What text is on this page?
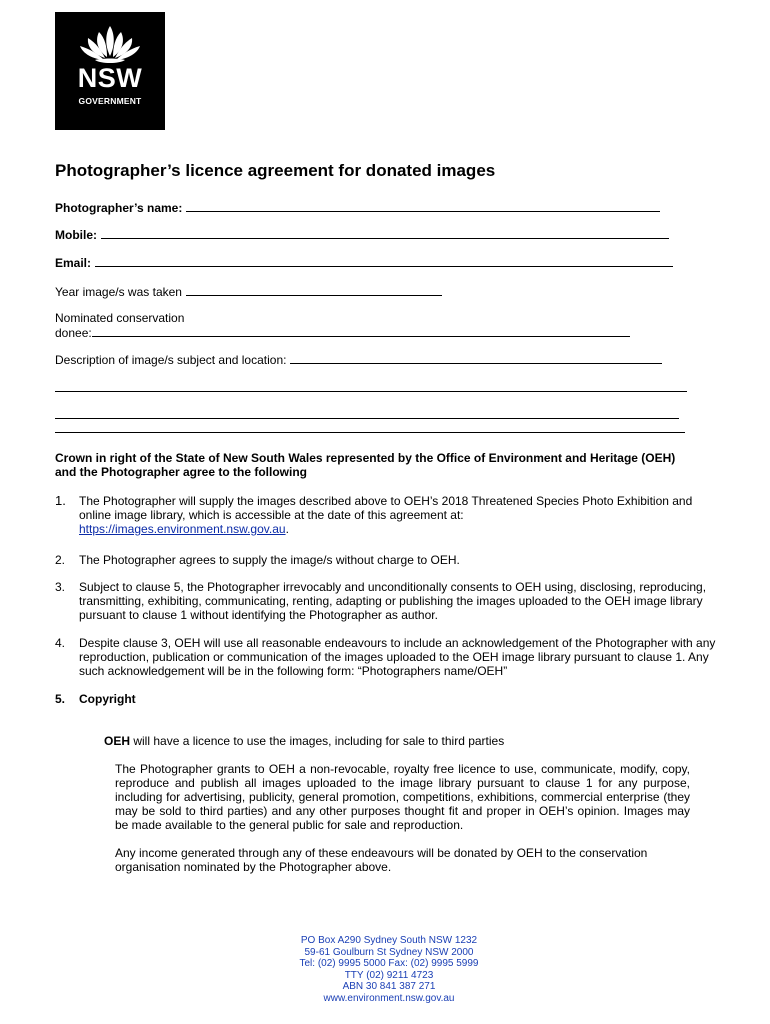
NSW
GOVERNMENT
Photographer’s licence agreement for donated images
Photographer’s name:
Mobile:
Email:
Year image/s was taken
Nominated conservation
donee:
Description of image/s subject and location:
Crown in right of the State of New South Wales represented by the Office of Environment and Heritage (OEH)
and the Photographer agree to the following
1. The Photographer will supply the images described above to OEH’s 2018 Threatened Species Photo Exhibition and online image library, which is accessible at the date of this agreement at:
https://images.environment.nsw.gov.au.
2. The Photographer agrees to supply the image/s without charge to OEH.
3. Subject to clause 5, the Photographer irrevocably and unconditionally consents to OEH using, disclosing, reproducing, transmitting, exhibiting, communicating, renting, adapting or publishing the images uploaded to the OEH image library pursuant to clause 1 without identifying the Photographer as author.
4. Despite clause 3, OEH will use all reasonable endeavours to include an acknowledgement of the Photographer with any reproduction, publication or communication of the images uploaded to the OEH image library pursuant to clause 1. Any such acknowledgement will be in the following form: “Photographers name/OEH”
5. Copyright
OEH will have a licence to use the images, including for sale to third parties
The Photographer grants to OEH a non-revocable, royalty free licence to use, communicate, modify, copy, reproduce and publish all images uploaded to the image library pursuant to clause 1 for any purpose, including for advertising, publicity, general promotion, competitions, exhibitions, commercial enterprise (they may be sold to third parties) and any other purposes thought fit and proper in OEH’s opinion. Images may be made available to the general public for sale and reproduction.
Any income generated through any of these endeavours will be donated by OEH to the conservation organisation nominated by the Photographer above.
PO Box A290 Sydney South NSW 1232
59-61 Goulburn St Sydney NSW 2000
Tel: (02) 9995 5000 Fax: (02) 9995 5999
TTY (02) 9211 4723
ABN 30 841 387 271
www.environment.nsw.gov.au
